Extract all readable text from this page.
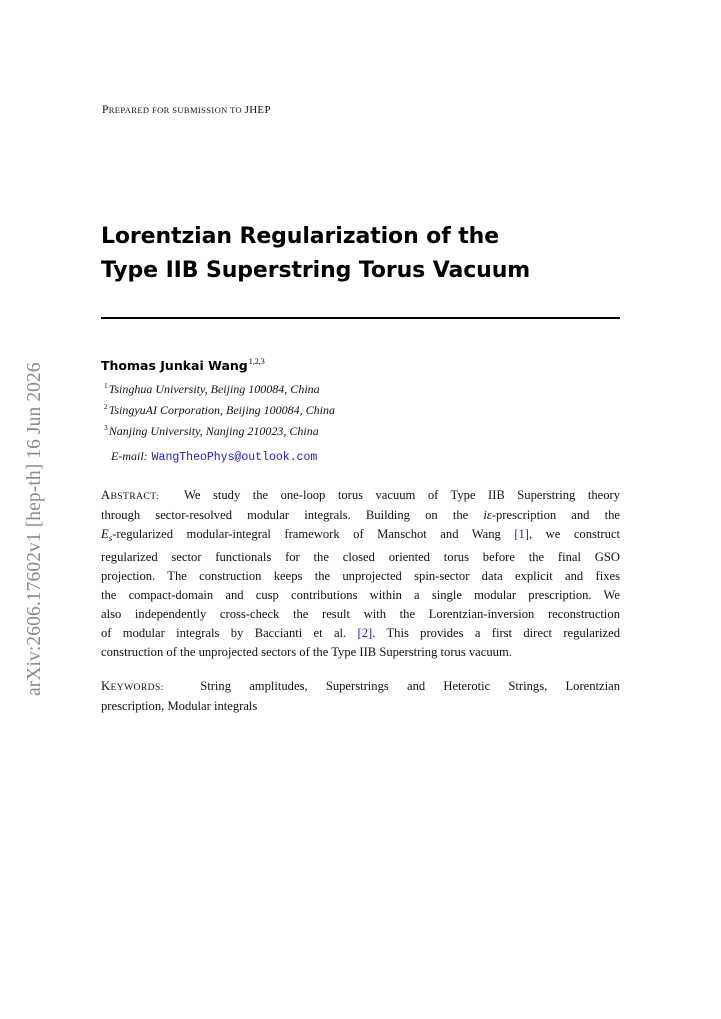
arXiv:2606.17602v1 [hep-th] 16 Jun 2026
PREPARED FOR SUBMISSION TO JHEP
Lorentzian Regularization of the
Type IIB Superstring Torus Vacuum
Thomas Junkai Wang$^{1,2,3}$
$^1$Tsinghua University, Beijing 100084, China
$^2$TsingyuAI Corporation, Beijing 100084, China
$^3$Nanjing University, Nanjing 210023, China
E-mail: WangTheoPhys@outlook.com
ABSTRACT: We study the one-loop torus vacuum of Type IIB Superstring theory
through sector-resolved modular integrals. Building on the iε-prescription and the
$E_s$-regularized modular-integral framework of Manschot and Wang [1], we construct
regularized sector functionals for the closed oriented torus before the final GSO
projection. The construction keeps the unprojected spin-sector data explicit and fixes
the compact-domain and cusp contributions within a single modular prescription. We
also independently cross-check the result with the Lorentzian-inversion reconstruction
of modular integrals by Baccianti et al. [2]. This provides a first direct regularized
construction of the unprojected sectors of the Type IIB Superstring torus vacuum.
KEYWORDS:	String amplitudes, Superstrings and Heterotic Strings, Lorentzian
prescription, Modular integrals
